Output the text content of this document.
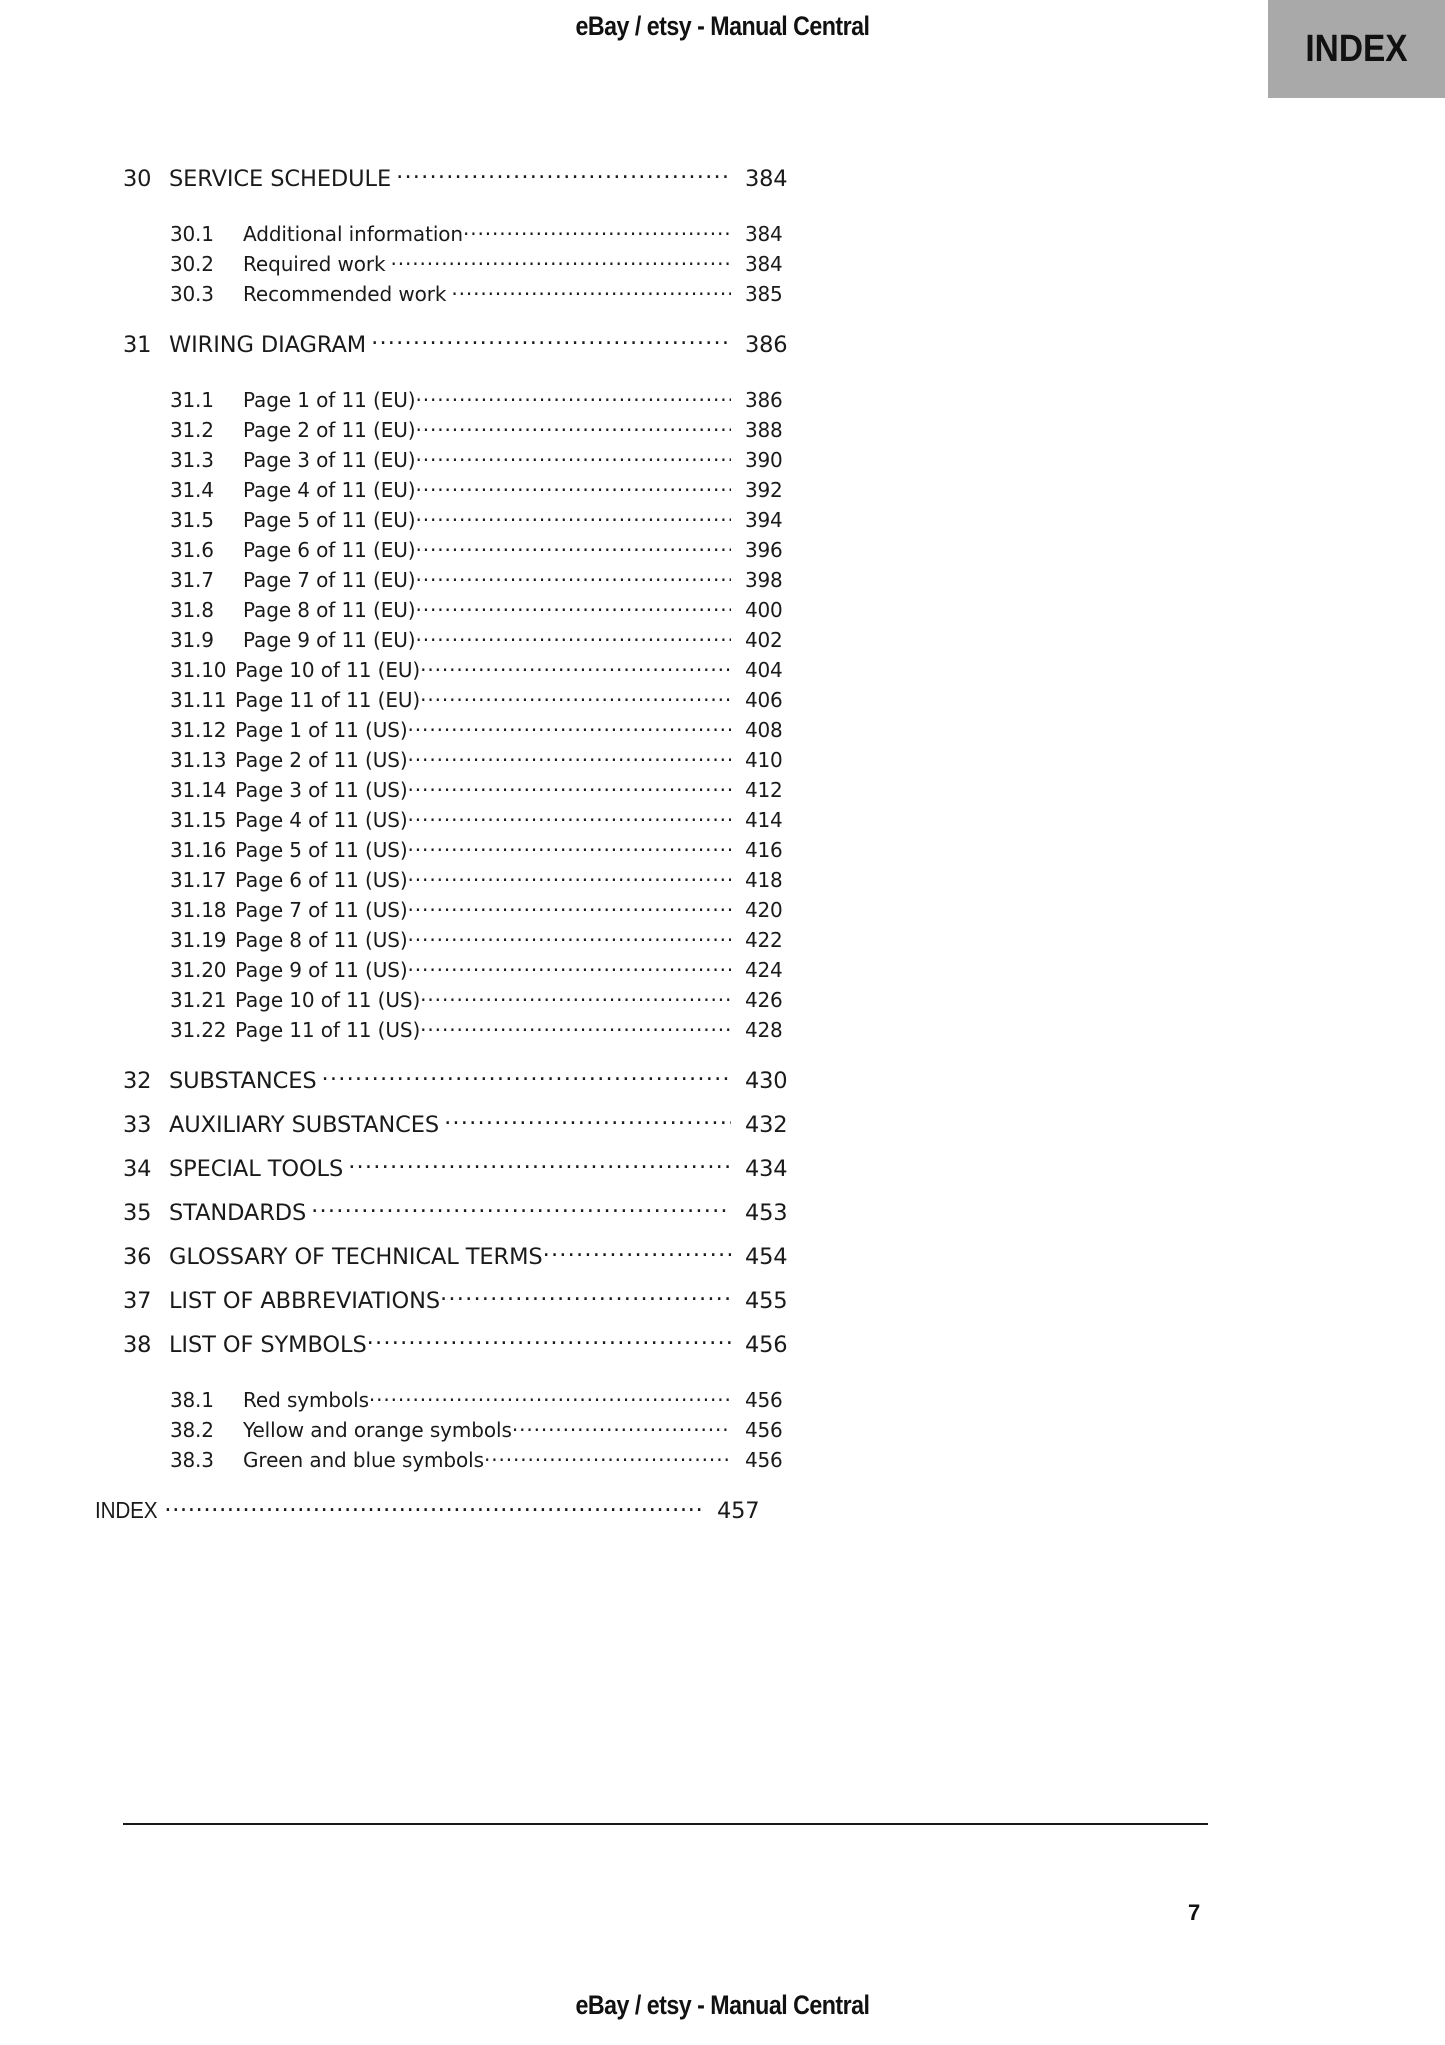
eBay / etsy - Manual Central
INDEX
30 SERVICE SCHEDULE .....	384
30.1	Additional information .....	384
30.2	Required work .....	384
30.3	Recommended work .....	385
31 WIRING DIAGRAM .....	386
31.1	Page 1 of 11 (EU) .....	386
31.2	Page 2 of 11 (EU) .....	388
31.3	Page 3 of 11 (EU) .....	390
31.4	Page 4 of 11 (EU) .....	392
31.5	Page 5 of 11 (EU) .....	394
31.6	Page 6 of 11 (EU) .....	396
31.7	Page 7 of 11 (EU) .....	398
31.8	Page 8 of 11 (EU) .....	400
31.9	Page 9 of 11 (EU) .....	402
31.10 Page 10 of 11 (EU) .....	404
31.11 Page 11 of 11 (EU) .....	406
31.12 Page 1 of 11 (US) .....	408
31.13 Page 2 of 11 (US) .....	410
31.14 Page 3 of 11 (US) .....	412
31.15 Page 4 of 11 (US) .....	414
31.16 Page 5 of 11 (US) .....	416
31.17 Page 6 of 11 (US) .....	418
31.18 Page 7 of 11 (US) .....	420
31.19 Page 8 of 11 (US) .....	422
31.20 Page 9 of 11 (US) .....	424
31.21 Page 10 of 11 (US) .....	426
31.22 Page 11 of 11 (US) .....	428
32 SUBSTANCES .....	430
33 AUXILIARY SUBSTANCES .....	432
34 SPECIAL TOOLS .....	434
35 STANDARDS .....	453
36 GLOSSARY OF TECHNICAL TERMS .....	454
37 LIST OF ABBREVIATIONS .....	455
38 LIST OF SYMBOLS .....	456
38.1	Red symbols .....	456
38.2	Yellow and orange symbols .....	456
38.3	Green and blue symbols .....	456
INDEX .....	457
7
eBay / etsy - Manual Central
